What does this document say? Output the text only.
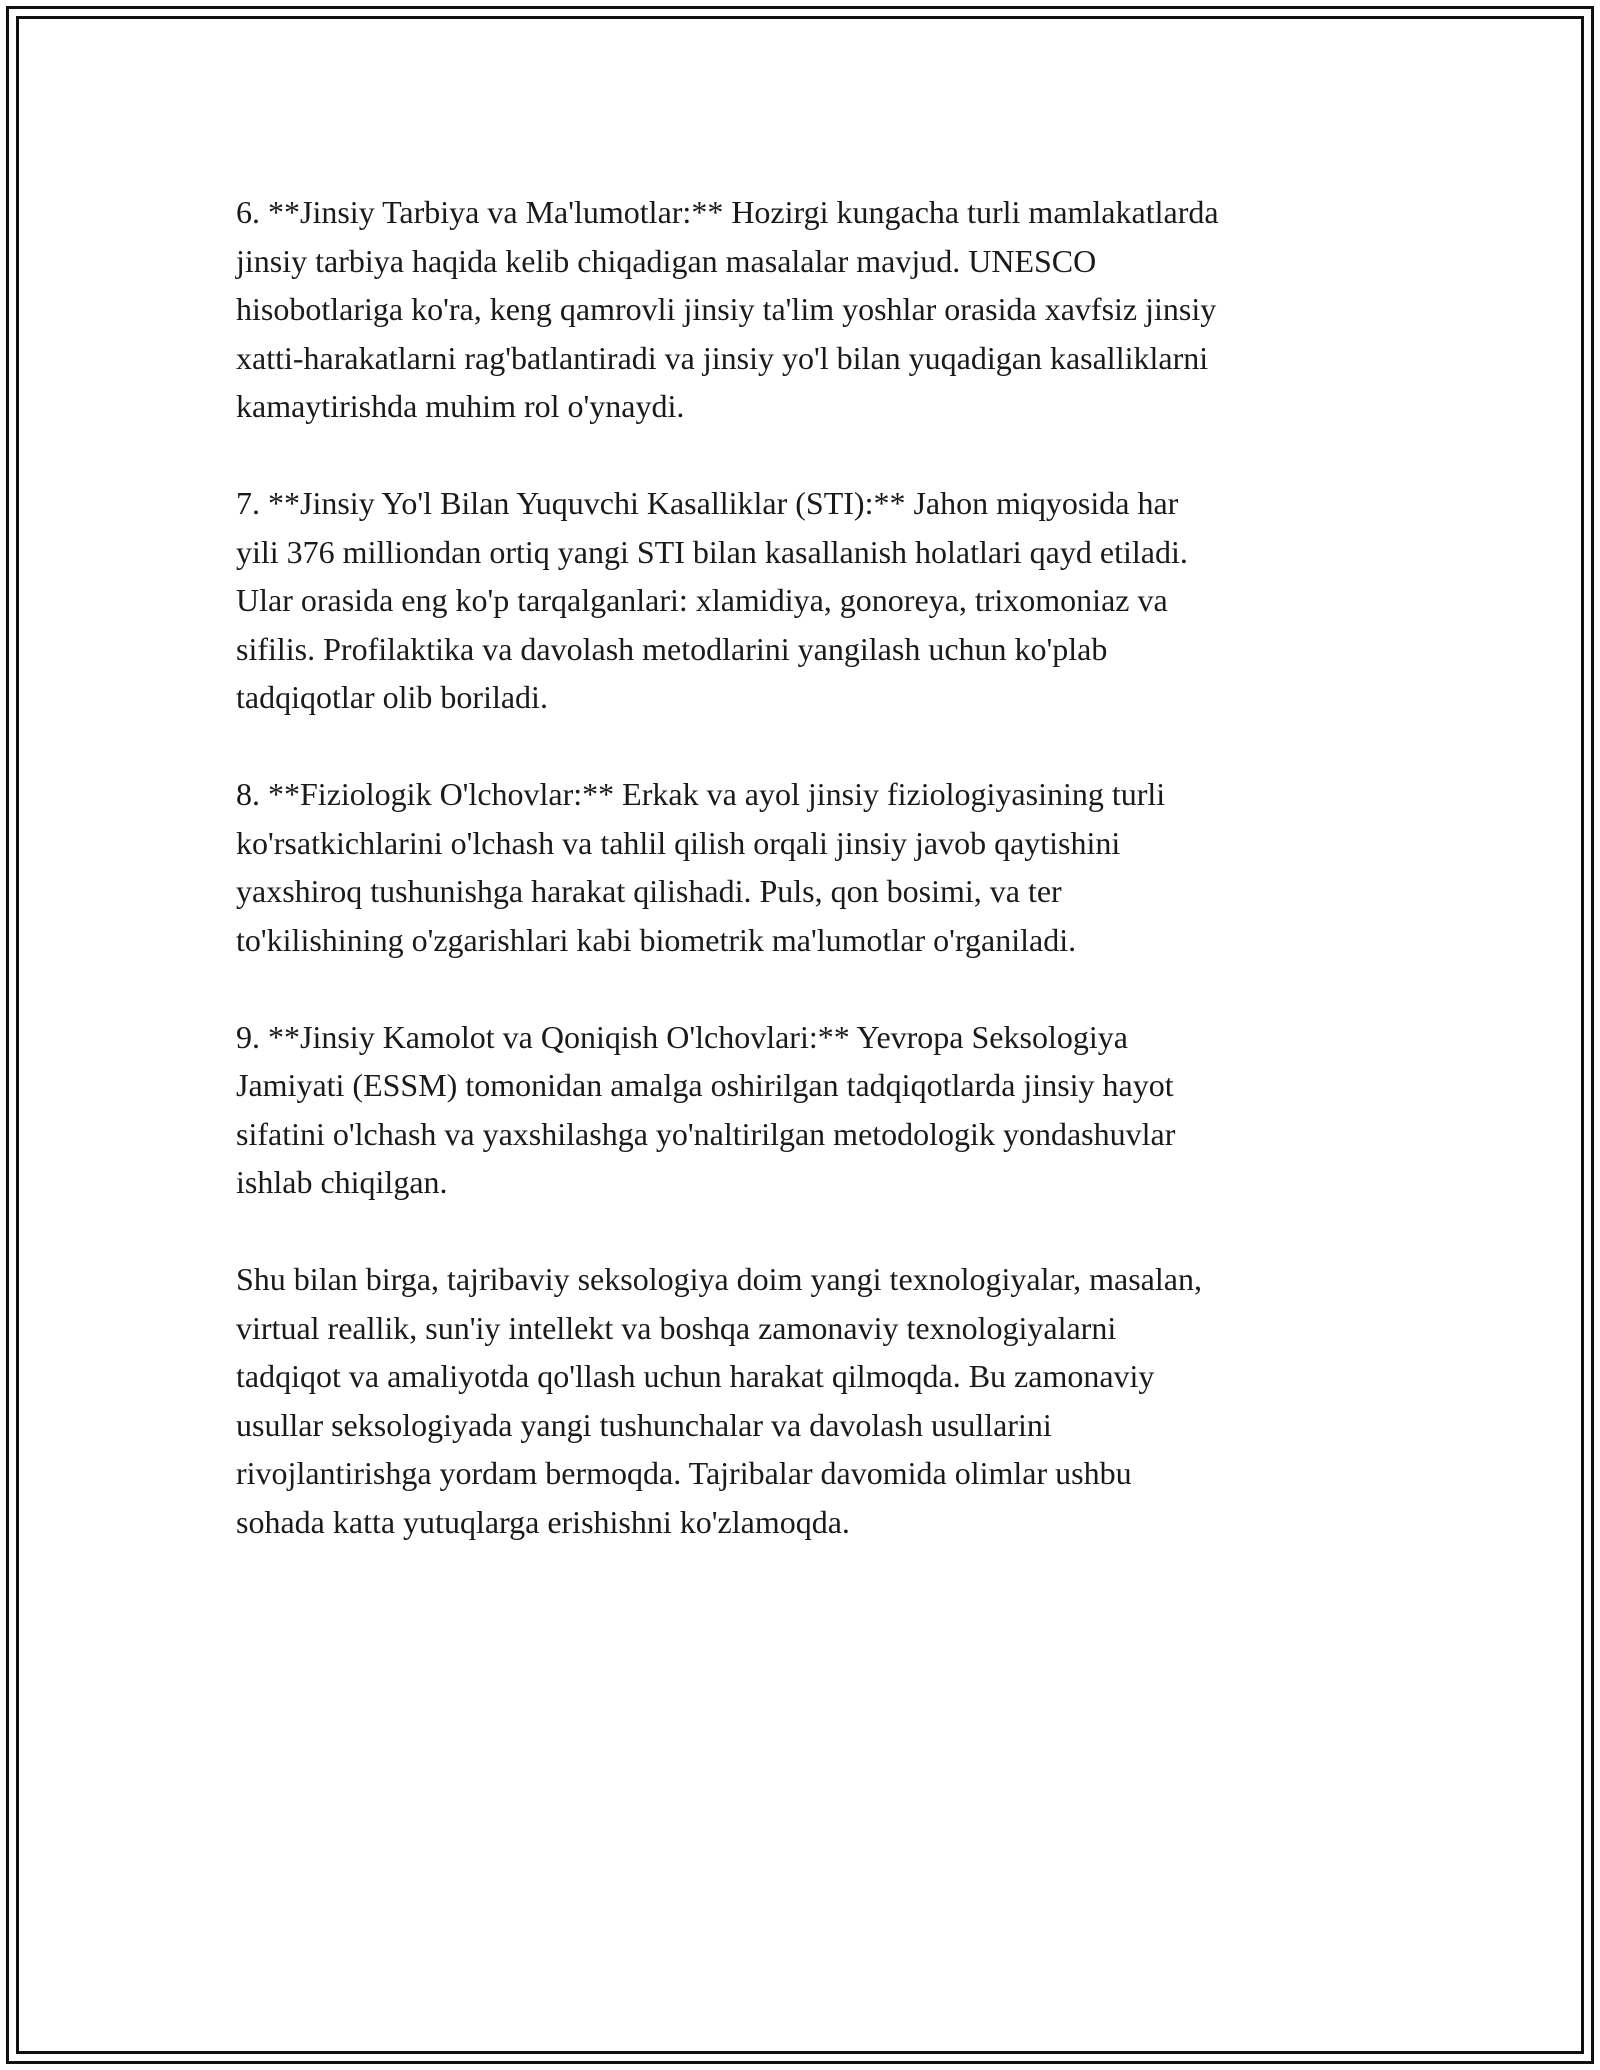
6. **Jinsiy Tarbiya va Ma'lumotlar:** Hozirgi kungacha turli mamlakatlarda
jinsiy tarbiya haqida kelib chiqadigan masalalar mavjud. UNESCO
hisobotlariga ko'ra, keng qamrovli jinsiy ta'lim yoshlar orasida xavfsiz jinsiy
xatti-harakatlarni rag'batlantiradi va jinsiy yo'l bilan yuqadigan kasalliklarni
kamaytirishda muhim rol o'ynaydi.

7. **Jinsiy Yo'l Bilan Yuquvchi Kasalliklar (STI):** Jahon miqyosida har
yili 376 milliondan ortiq yangi STI bilan kasallanish holatlari qayd etiladi.
Ular orasida eng ko'p tarqalganlari: xlamidiya, gonoreya, trixomoniaz va
sifilis. Profilaktika va davolash metodlarini yangilash uchun ko'plab
tadqiqotlar olib boriladi.

8. **Fiziologik O'lchovlar:** Erkak va ayol jinsiy fiziologiyasining turli
ko'rsatkichlarini o'lchash va tahlil qilish orqali jinsiy javob qaytishini
yaxshiroq tushunishga harakat qilishadi. Puls, qon bosimi, va ter
to'kilishining o'zgarishlari kabi biometrik ma'lumotlar o'rganiladi.

9. **Jinsiy Kamolot va Qoniqish O'lchovlari:** Yevropa Seksologiya
Jamiyati (ESSM) tomonidan amalga oshirilgan tadqiqotlarda jinsiy hayot
sifatini o'lchash va yaxshilashga yo'naltirilgan metodologik yondashuvlar
ishlab chiqilgan.

Shu bilan birga, tajribaviy seksologiya doim yangi texnologiyalar, masalan,
virtual reallik, sun'iy intellekt va boshqa zamonaviy texnologiyalarni
tadqiqot va amaliyotda qo'llash uchun harakat qilmoqda. Bu zamonaviy
usullar seksologiyada yangi tushunchalar va davolash usullarini
rivojlantirishga yordam bermoqda. Tajribalar davomida olimlar ushbu
sohada katta yutuqlarga erishishni ko'zlamoqda.
